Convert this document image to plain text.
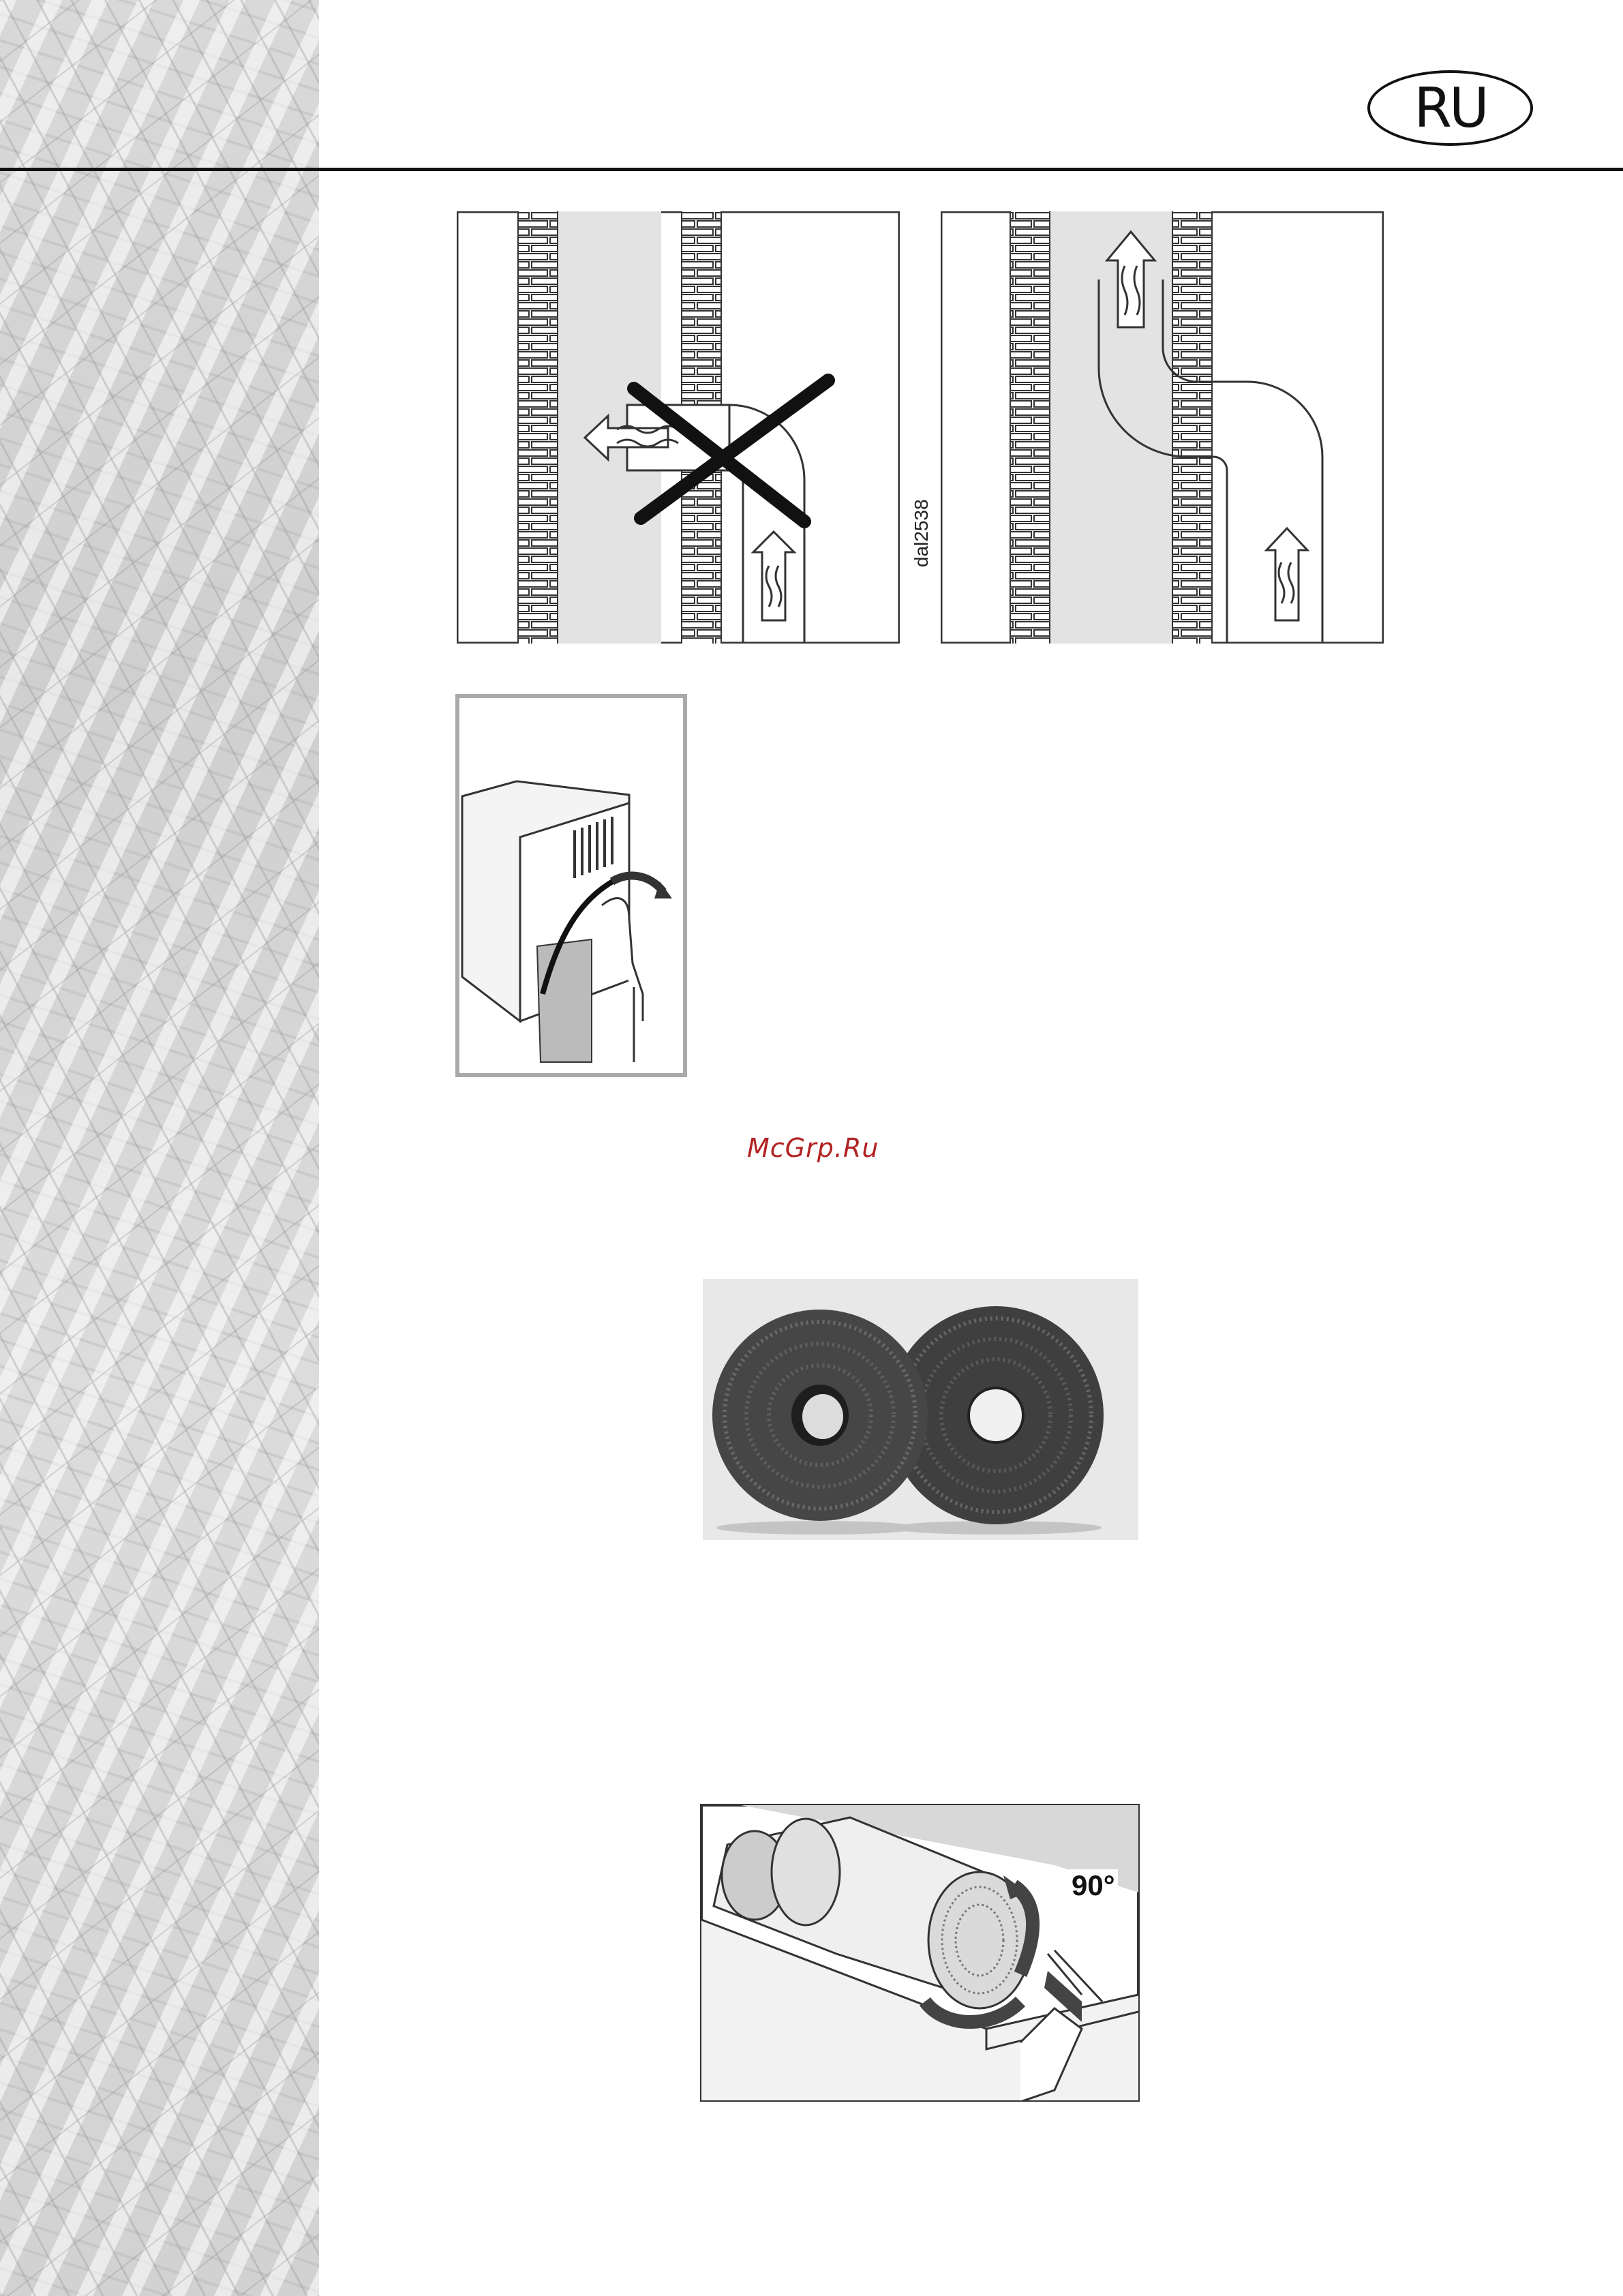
RU
dal2538
McGrp.Ru
90°
